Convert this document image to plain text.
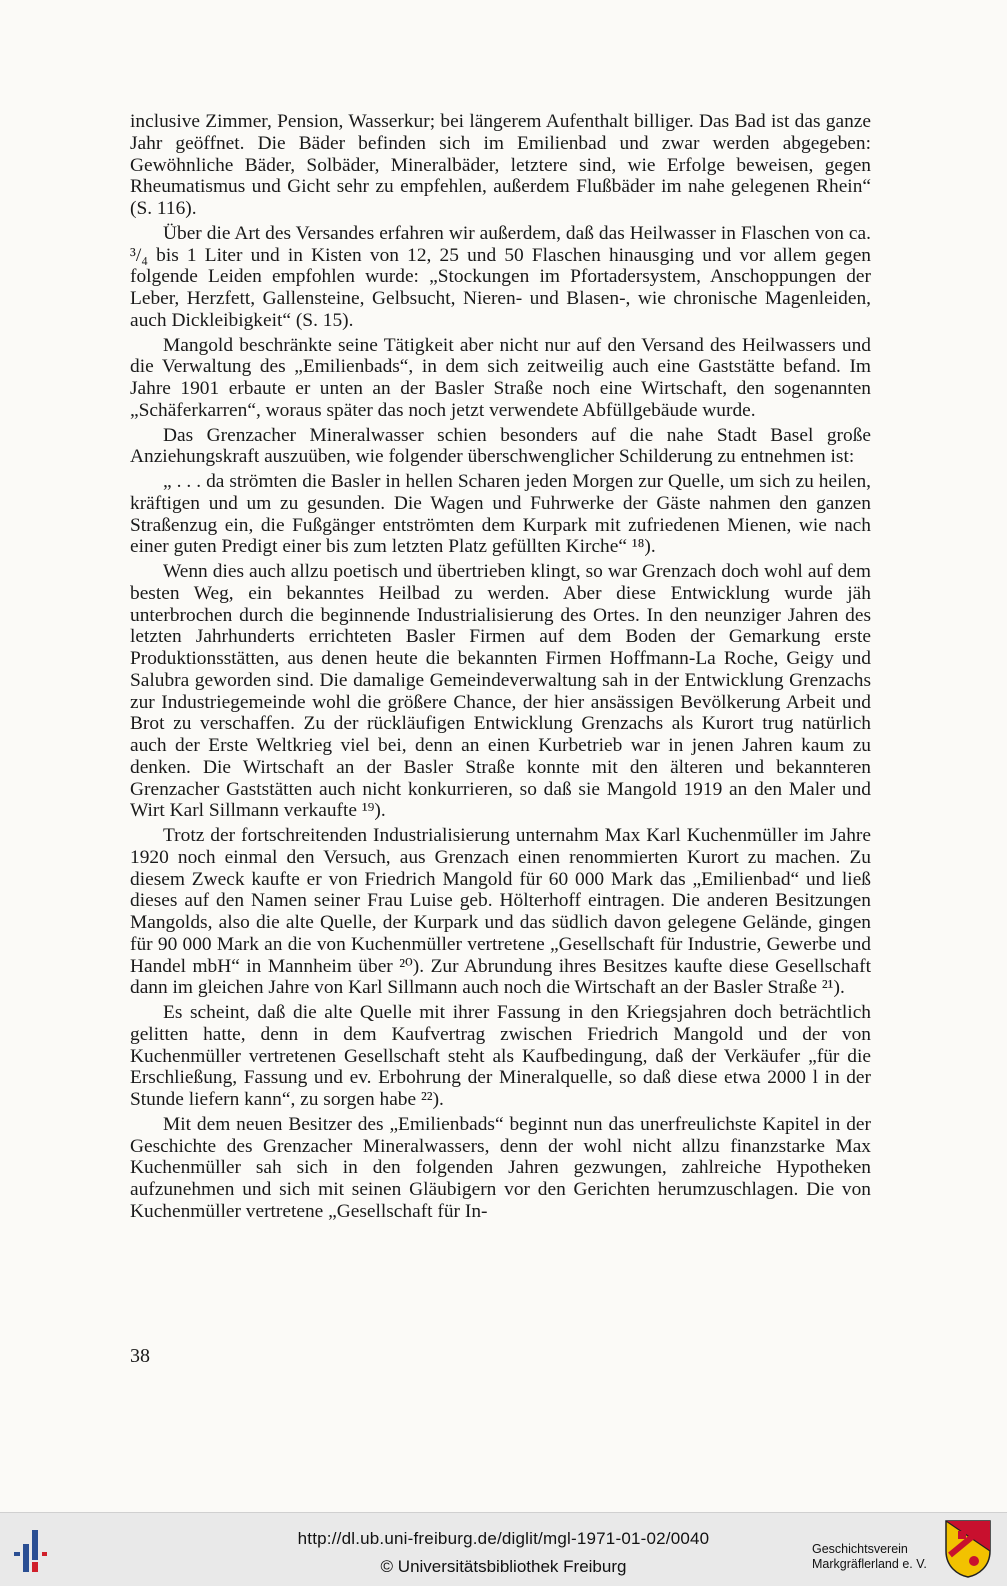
inclusive Zimmer, Pension, Wasserkur; bei längerem Aufenthalt billiger. Das Bad ist das ganze Jahr geöffnet. Die Bäder befinden sich im Emilienbad und zwar werden abgegeben: Gewöhnliche Bäder, Solbäder, Mineralbäder, letztere sind, wie Erfolge beweisen, gegen Rheumatismus und Gicht sehr zu empfehlen, außerdem Flußbäder im nahe gelegenen Rhein“ (S. 116).

Über die Art des Versandes erfahren wir außerdem, daß das Heilwasser in Flaschen von ca. ³/₄ bis 1 Liter und in Kisten von 12, 25 und 50 Flaschen hinausging und vor allem gegen folgende Leiden empfohlen wurde: „Stockungen im Pfortadersystem, Anschoppungen der Leber, Herzfett, Gallensteine, Gelbsucht, Nieren- und Blasen-, wie chronische Magenleiden, auch Dickleibigkeit“ (S. 15).

Mangold beschränkte seine Tätigkeit aber nicht nur auf den Versand des Heilwassers und die Verwaltung des „Emilienbads“, in dem sich zeitweilig auch eine Gaststätte befand. Im Jahre 1901 erbaute er unten an der Basler Straße noch eine Wirtschaft, den sogenannten „Schäferkarren“, woraus später das noch jetzt verwendete Abfüllgebäude wurde.

Das Grenzacher Mineralwasser schien besonders auf die nahe Stadt Basel große Anziehungskraft auszuüben, wie folgender überschwenglicher Schilderung zu entnehmen ist:

„ . . . da strömten die Basler in hellen Scharen jeden Morgen zur Quelle, um sich zu heilen, kräftigen und um zu gesunden. Die Wagen und Fuhrwerke der Gäste nahmen den ganzen Straßenzug ein, die Fußgänger entströmten dem Kurpark mit zufriedenen Mienen, wie nach einer guten Predigt einer bis zum letzten Platz gefüllten Kirche“ ¹⁸).

Wenn dies auch allzu poetisch und übertrieben klingt, so war Grenzach doch wohl auf dem besten Weg, ein bekanntes Heilbad zu werden. Aber diese Entwicklung wurde jäh unterbrochen durch die beginnende Industrialisierung des Ortes. In den neunziger Jahren des letzten Jahrhunderts errichteten Basler Firmen auf dem Boden der Gemarkung erste Produktionsstätten, aus denen heute die bekannten Firmen Hoffmann-La Roche, Geigy und Salubra geworden sind. Die damalige Gemeindeverwaltung sah in der Entwicklung Grenzachs zur Industriegemeinde wohl die größere Chance, der hier ansässigen Bevölkerung Arbeit und Brot zu verschaffen. Zu der rückläufigen Entwicklung Grenzachs als Kurort trug natürlich auch der Erste Weltkrieg viel bei, denn an einen Kurbetrieb war in jenen Jahren kaum zu denken. Die Wirtschaft an der Basler Straße konnte mit den älteren und bekannteren Grenzacher Gaststätten auch nicht konkurrieren, so daß sie Mangold 1919 an den Maler und Wirt Karl Sillmann verkaufte ¹⁹).

Trotz der fortschreitenden Industrialisierung unternahm Max Karl Kuchenmüller im Jahre 1920 noch einmal den Versuch, aus Grenzach einen renommierten Kurort zu machen. Zu diesem Zweck kaufte er von Friedrich Mangold für 60 000 Mark das „Emilienbad“ und ließ dieses auf den Namen seiner Frau Luise geb. Hölterhoff eintragen. Die anderen Besitzungen Mangolds, also die alte Quelle, der Kurpark und das südlich davon gelegene Gelände, gingen für 90 000 Mark an die von Kuchenmüller vertretene „Gesellschaft für Industrie, Gewerbe und Handel mbH“ in Mannheim über ²⁰). Zur Abrundung ihres Besitzes kaufte diese Gesellschaft dann im gleichen Jahre von Karl Sillmann auch noch die Wirtschaft an der Basler Straße ²¹).

Es scheint, daß die alte Quelle mit ihrer Fassung in den Kriegsjahren doch beträchtlich gelitten hatte, denn in dem Kaufvertrag zwischen Friedrich Mangold und der von Kuchenmüller vertretenen Gesellschaft steht als Kaufbedingung, daß der Verkäufer „für die Erschließung, Fassung und ev. Erbohrung der Mineralquelle, so daß diese etwa 2000 l in der Stunde liefern kann“, zu sorgen habe ²²).

Mit dem neuen Besitzer des „Emilienbads“ beginnt nun das unerfreulichste Kapitel in der Geschichte des Grenzacher Mineralwassers, denn der wohl nicht allzu finanzstarke Max Kuchenmüller sah sich in den folgenden Jahren gezwungen, zahlreiche Hypotheken aufzunehmen und sich mit seinen Gläubigern vor den Gerichten herumzuschlagen. Die von Kuchenmüller vertretene „Gesellschaft für In-

38
http://dl.ub.uni-freiburg.de/diglit/mgl-1971-01-02/0040
© Universitätsbibliothek Freiburg
Geschichtsverein
Markgräflerland e. V.
